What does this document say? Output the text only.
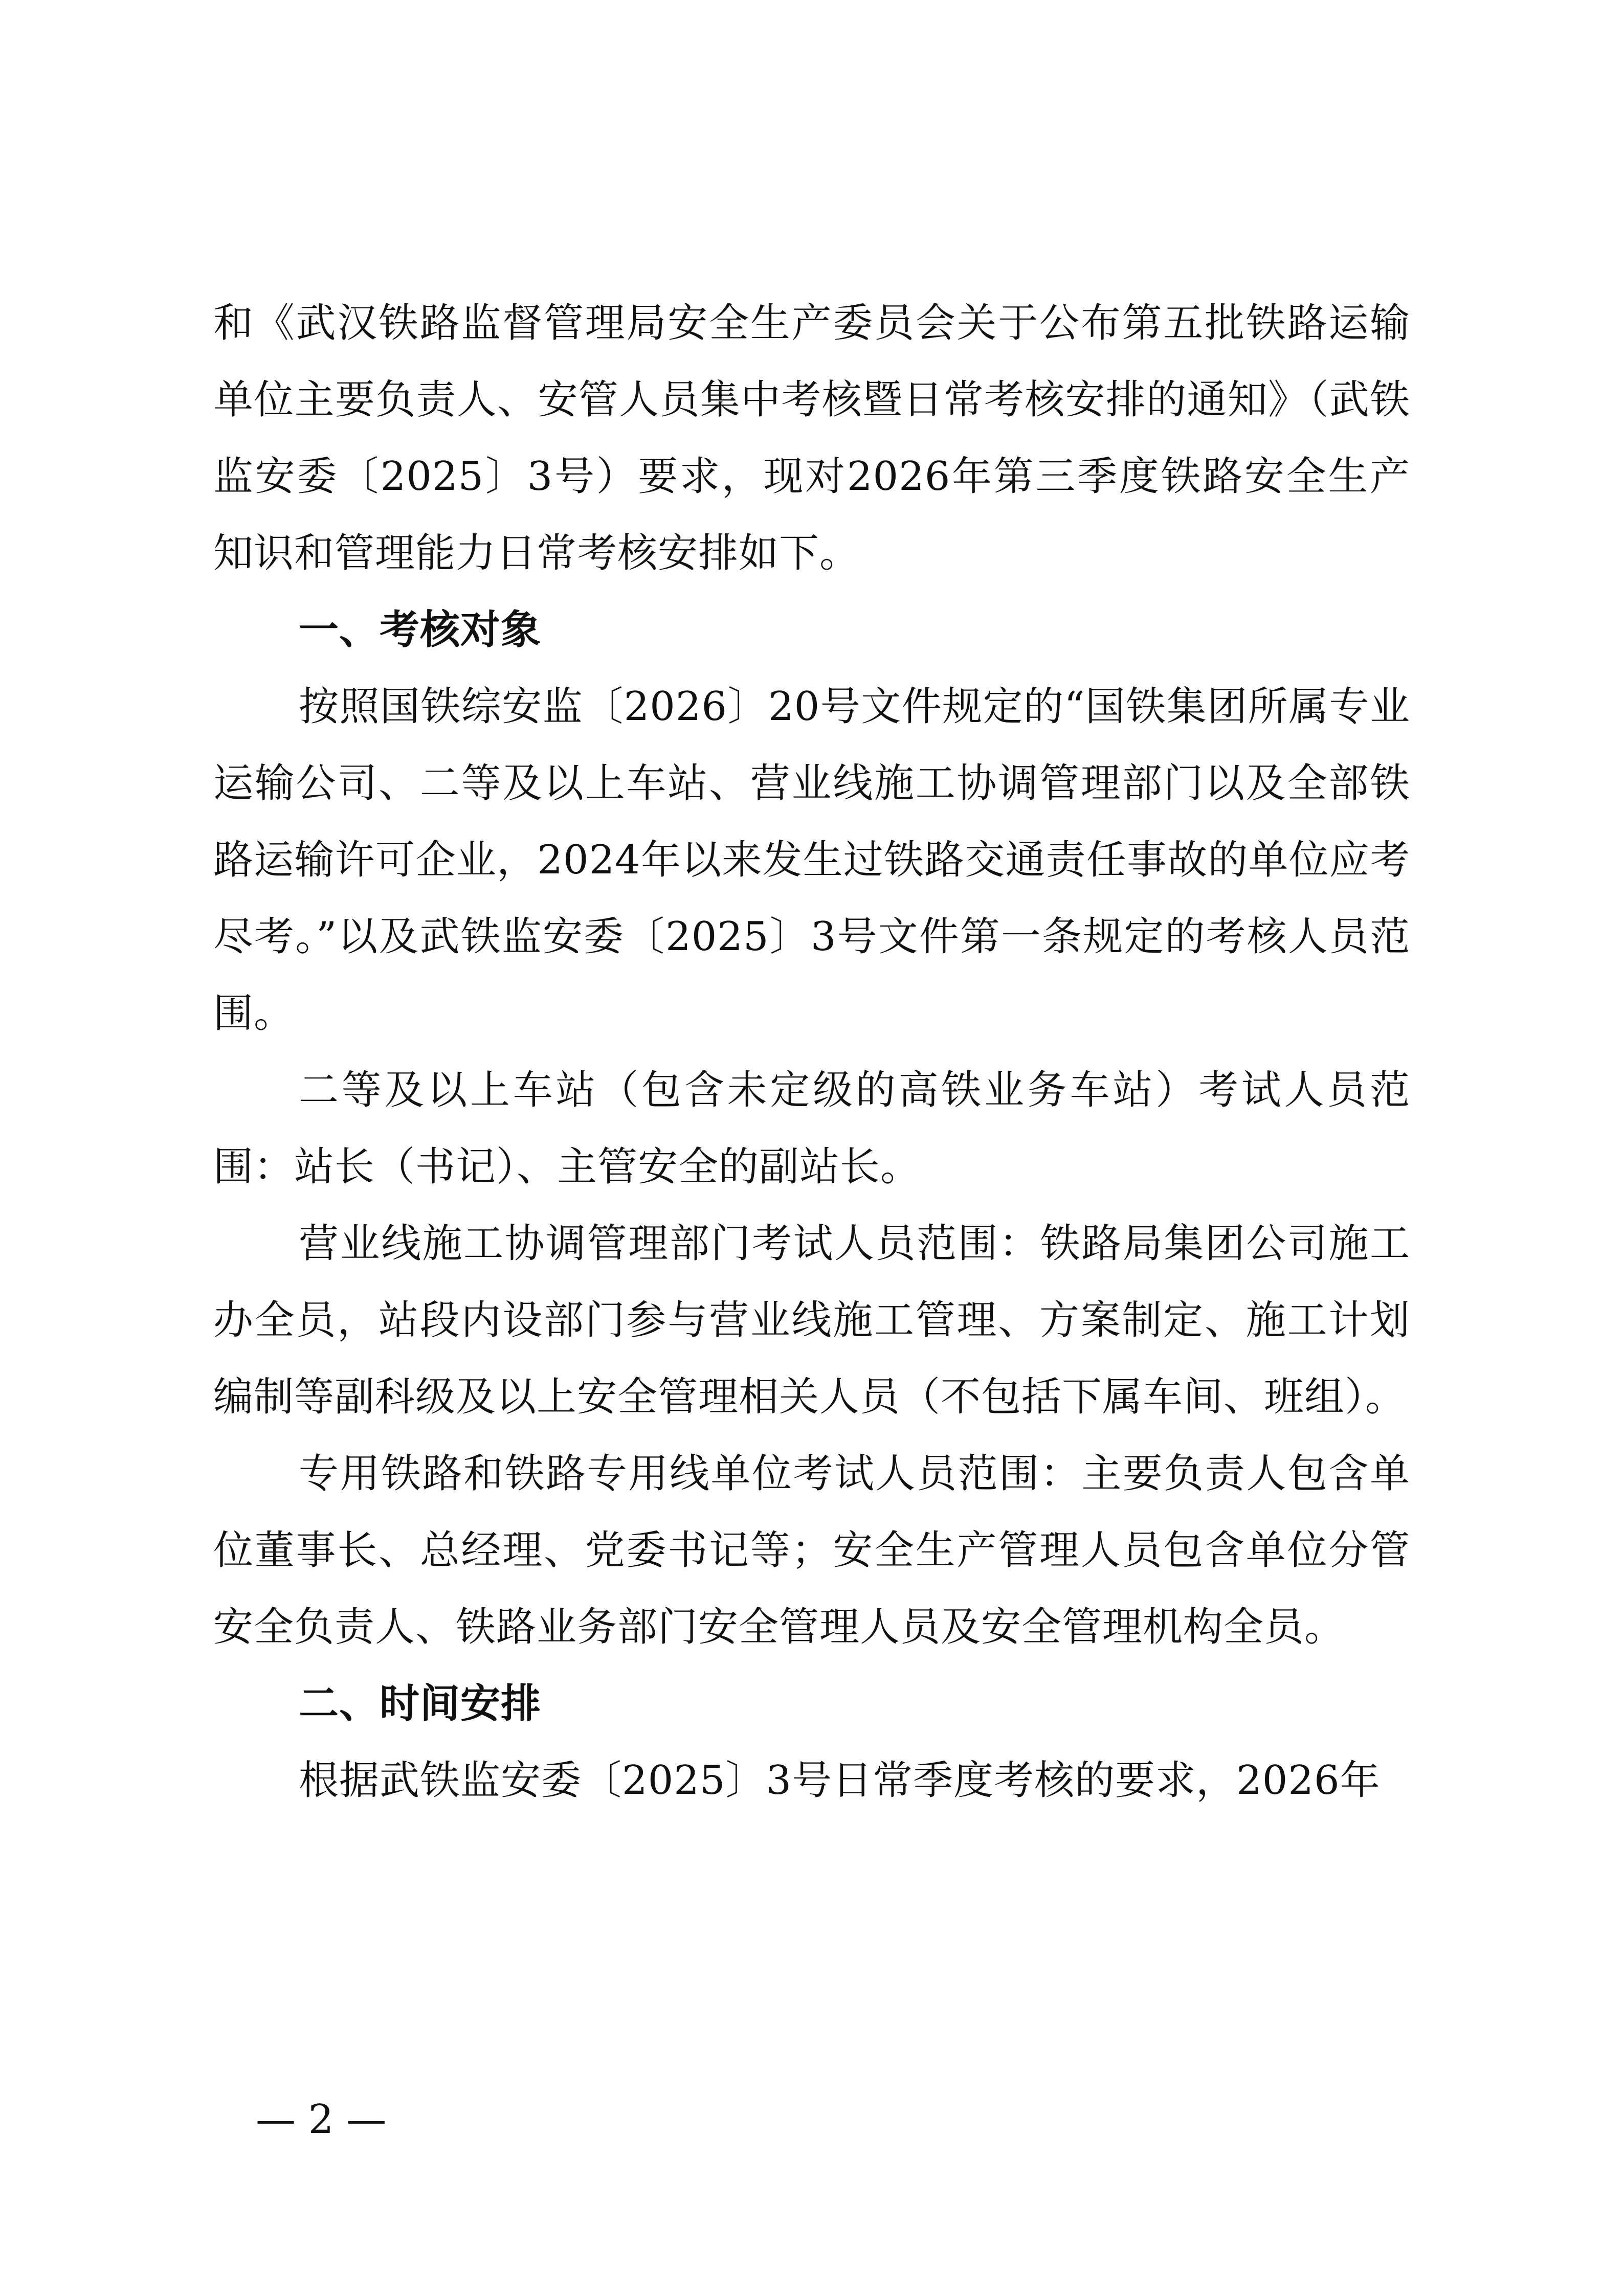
和《武汉铁路监督管理局安全生产委员会关于公布第五批铁路运输单位主要负责人、安管人员集中考核暨日常考核安排的通知》（武铁监安委〔2025〕3号）要求，现对2026年第三季度铁路安全生产知识和管理能力日常考核安排如下。

一、考核对象

按照国铁综安监〔2026〕20号文件规定的“国铁集团所属专业运输公司、二等及以上车站、营业线施工协调管理部门以及全部铁路运输许可企业，2024年以来发生过铁路交通责任事故的单位应考尽考。”以及武铁监安委〔2025〕3号文件第一条规定的考核人员范围。

二等及以上车站（包含未定级的高铁业务车站）考试人员范围：站长（书记）、主管安全的副站长。

营业线施工协调管理部门考试人员范围：铁路局集团公司施工办全员，站段内设部门参与营业线施工管理、方案制定、施工计划编制等副科级及以上安全管理相关人员（不包括下属车间、班组）。

专用铁路和铁路专用线单位考试人员范围：主要负责人包含单位董事长、总经理、党委书记等；安全生产管理人员包含单位分管安全负责人、铁路业务部门安全管理人员及安全管理机构全员。

二、时间安排

根据武铁监安委〔2025〕3号日常季度考核的要求，2026年

— 2 —
